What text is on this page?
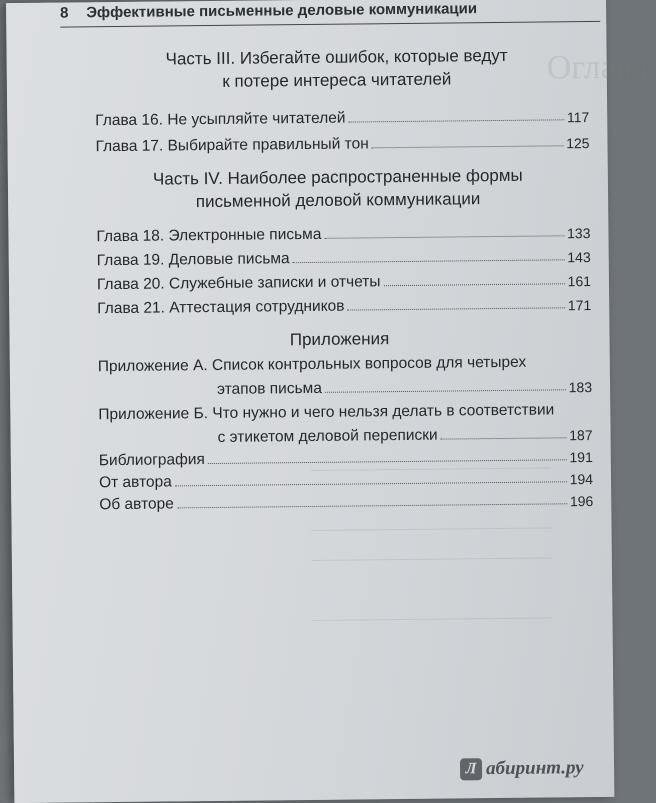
Оглавл
8 Эффективные письменные деловые коммуникации
Часть III. Избегайте ошибок, которые ведут
к потере интереса читателей
Глава 16. Не усыпляйте читателей	117
Глава 17. Выбирайте правильный тон	125
Часть IV. Наиболее распространенные формы
письменной деловой коммуникации
Глава 18. Электронные письма	133
Глава 19. Деловые письма	143
Глава 20. Служебные записки и отчеты	161
Глава 21. Аттестация сотрудников	171
Приложения
Приложение А. Список контрольных вопросов для четырех
этапов письма	183
Приложение Б. Что нужно и чего нельзя делать в соответствии
с этикетом деловой переписки	187
Библиография	191
От автора	194
Об авторе	196
Л абиринт.ру
